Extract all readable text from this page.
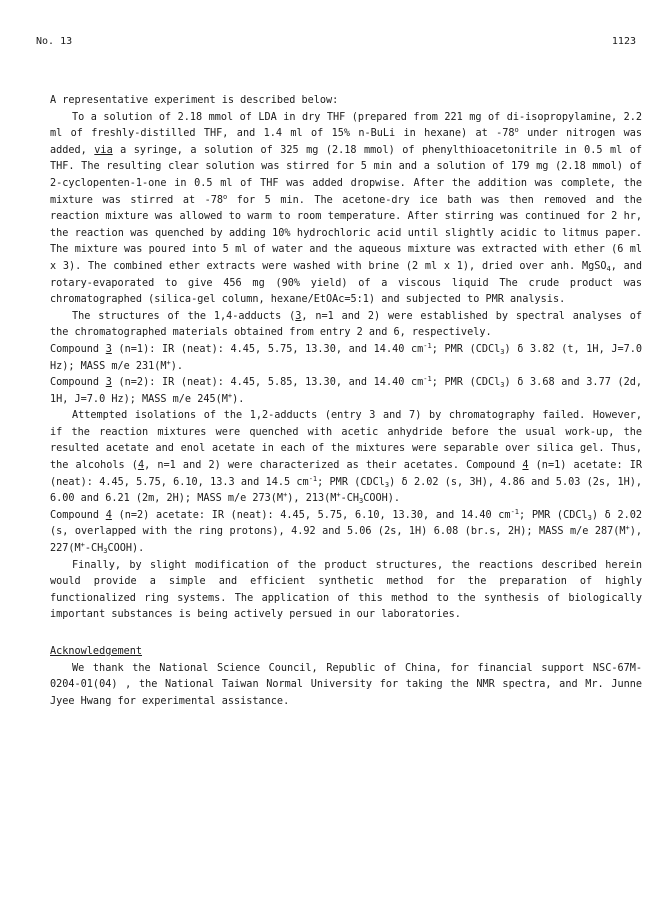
No. 13	1123

A representative experiment is described below:

To a solution of 2.18 mmol of LDA in dry THF (prepared from 221 mg of di-isopropylamine, 2.2 ml of freshly-distilled THF, and 1.4 ml of 15% n-BuLi in hexane) at -78$^o$ under nitrogen was added, via a syringe, a solution of 325 mg (2.18 mmol) of phenylthioacetonitrile in 0.5 ml of THF. The resulting clear solution was stirred for 5 min and a solution of 179 mg (2.18 mmol) of 2-cyclopenten-1-one in 0.5 ml of THF was added dropwise. After the addition was complete, the mixture was stirred at -78$^o$ for 5 min. The acetone-dry ice bath was then removed and the reaction mixture was allowed to warm to room temperature. After stirring was continued for 2 hr, the reaction was quenched by adding 10% hydrochloric acid until slightly acidic to litmus paper. The mixture was poured into 5 ml of water and the aqueous mixture was extracted with ether (6 ml x 3). The combined ether extracts were washed with brine (2 ml x 1), dried over anh. MgSO$_4$, and rotary-evaporated to give 456 mg (90% yield) of a viscous liquid The crude product was chromatographed (silica-gel column, hexane/EtOAc=5:1) and subjected to PMR analysis.

The structures of the 1,4-adducts (3, n=1 and 2) were established by spectral analyses of the chromatographed materials obtained from entry 2 and 6, respectively.

Compound 3 (n=1): IR (neat): 4.45, 5.75, 13.30, and 14.40 $cm^{-1}$; PMR (CDCl$_3$) δ 3.82 (t, 1H, J=7.0 Hz); MASS m/e 231(M+).

Compound 3 (n=2): IR (neat): 4.45, 5.85, 13.30, and 14.40 $cm^{-1}$; PMR (CDCl$_3$) δ 3.68 and 3.77 (2d, 1H, J=7.0 Hz); MASS m/e 245(M+).

Attempted isolations of the 1,2-adducts (entry 3 and 7) by chromatography failed. However, if the reaction mixtures were quenched with acetic anhydride before the usual work-up, the resulted acetate and enol acetate in each of the mixtures were separable over silica gel. Thus, the alcohols (4, n=1 and 2) were characterized as their acetates. Compound 4 (n=1) acetate: IR (neat): 4.45, 5.75, 6.10, 13.3 and 14.5 $cm^{-1}$; PMR (CDCl$_3$) δ 2.02 (s, 3H), 4.86 and 5.03 (2s, 1H), 6.00 and 6.21 (2m, 2H); MASS m/e 273(M+), $213(M^+-CH_3COOH)$.

Compound 4 (n=2) acetate: IR (neat): 4.45, 5.75, 6.10, 13.30, and 14.40 $cm^{-1}$; PMR (CDCl$_3$) δ 2.02 (s, overlapped with the ring protons), 4.92 and 5.06 (2s, 1H) 6.08 (br.s, 2H); MASS m/e 287(M+), $227(M^+-CH_3COOH)$.

Finally, by slight modification of the product structures, the reactions described herein would provide a simple and efficient synthetic method for the preparation of highly functionalized ring systems. The application of this method to the synthesis of biologically important substances is being actively persued in our laboratories.

Acknowledgement

We thank the National Science Council, Republic of China, for financial support NSC-67M-0204-01(04) , the National Taiwan Normal University for taking the NMR spectra, and Mr. Junne Jyee Hwang for experimental assistance.
